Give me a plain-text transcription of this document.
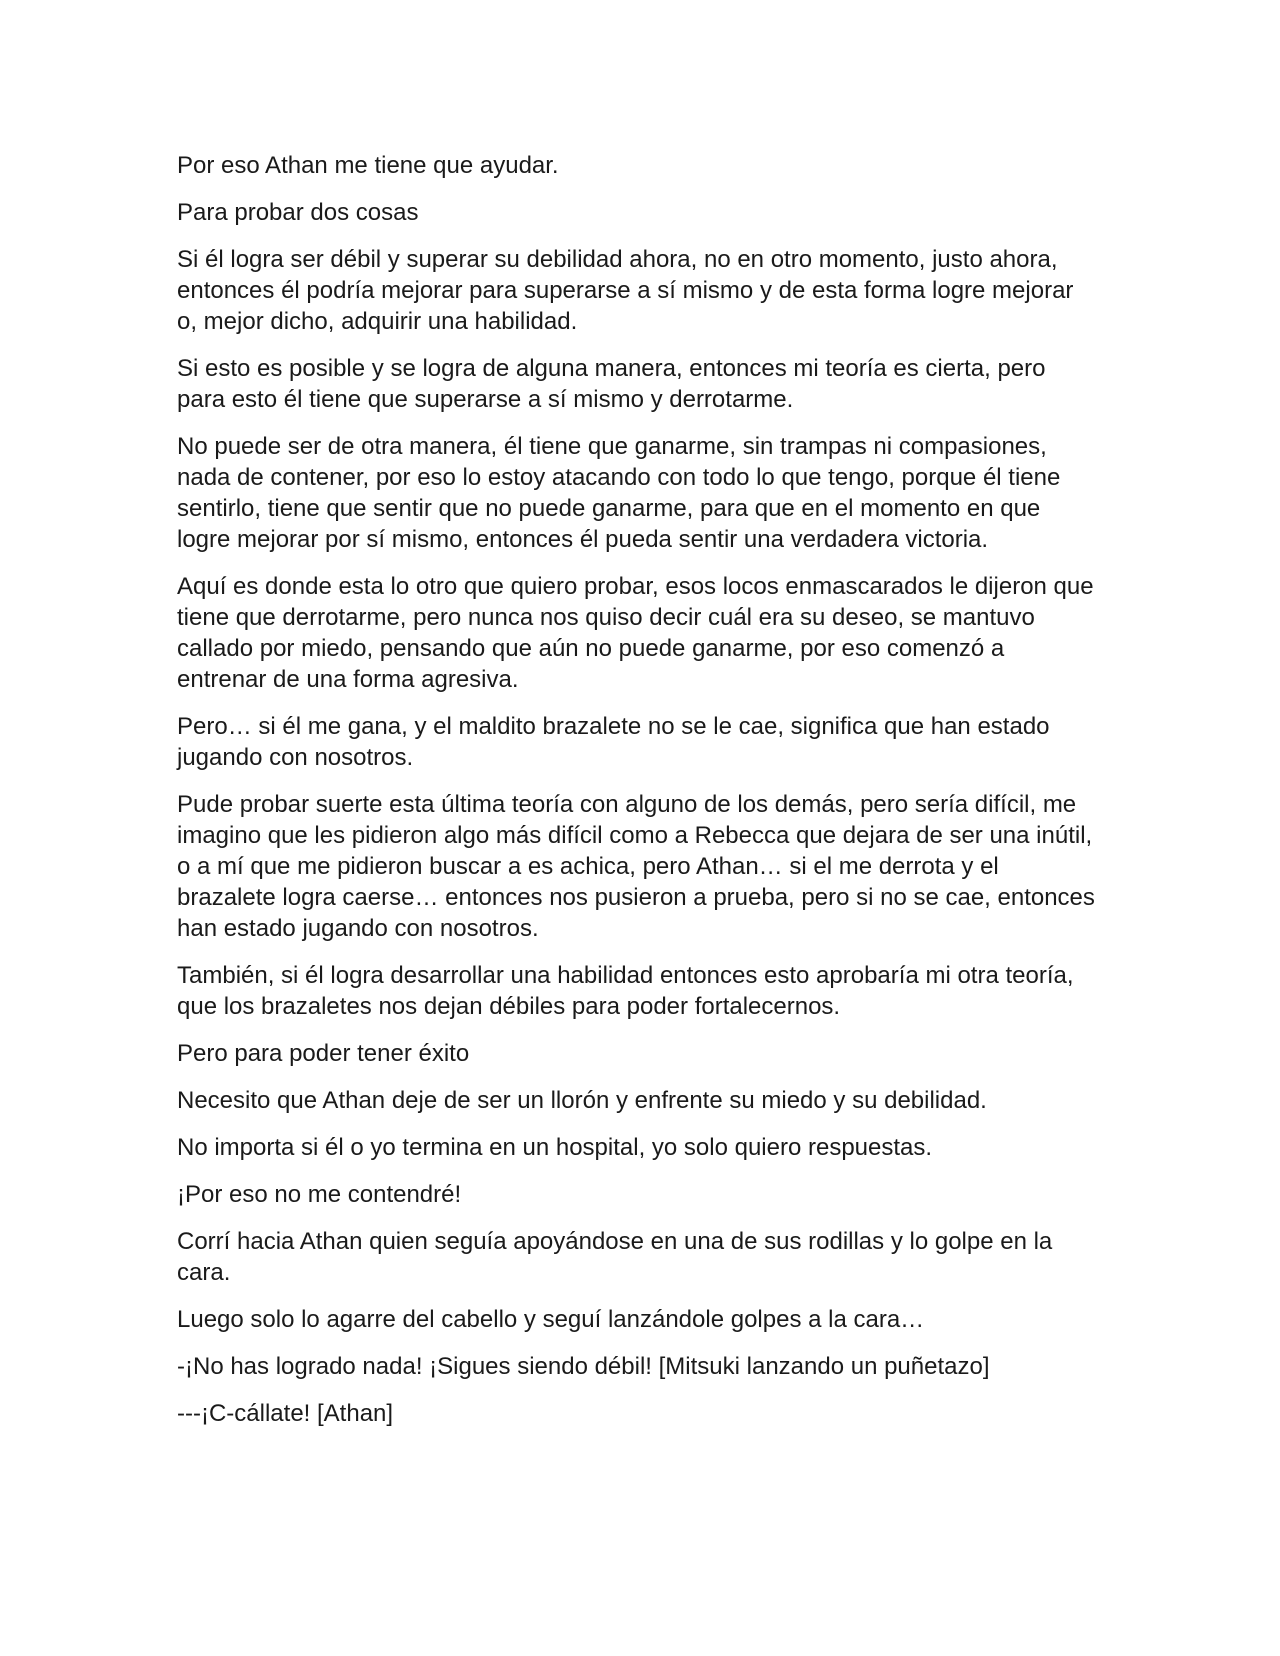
Por eso Athan me tiene que ayudar.

Para probar dos cosas

Si él logra ser débil y superar su debilidad ahora, no en otro momento, justo ahora, entonces él podría mejorar para superarse a sí mismo y de esta forma logre mejorar o, mejor dicho, adquirir una habilidad.

Si esto es posible y se logra de alguna manera, entonces mi teoría es cierta, pero para esto él tiene que superarse a sí mismo y derrotarme.

No puede ser de otra manera, él tiene que ganarme, sin trampas ni compasiones, nada de contener, por eso lo estoy atacando con todo lo que tengo, porque él tiene sentirlo, tiene que sentir que no puede ganarme, para que en el momento en que logre mejorar por sí mismo, entonces él pueda sentir una verdadera victoria.

Aquí es donde esta lo otro que quiero probar, esos locos enmascarados le dijeron que tiene que derrotarme, pero nunca nos quiso decir cuál era su deseo, se mantuvo callado por miedo, pensando que aún no puede ganarme, por eso comenzó a entrenar de una forma agresiva.

Pero… si él me gana, y el maldito brazalete no se le cae, significa que han estado jugando con nosotros.

Pude probar suerte esta última teoría con alguno de los demás, pero sería difícil, me imagino que les pidieron algo más difícil como a Rebecca que dejara de ser una inútil, o a mí que me pidieron buscar a es achica, pero Athan… si el me derrota y el brazalete logra caerse… entonces nos pusieron a prueba, pero si no se cae, entonces han estado jugando con nosotros.

También, si él logra desarrollar una habilidad entonces esto aprobaría mi otra teoría, que los brazaletes nos dejan débiles para poder fortalecernos.

Pero para poder tener éxito

Necesito que Athan deje de ser un llorón y enfrente su miedo y su debilidad.

No importa si él o yo termina en un hospital, yo solo quiero respuestas.

¡Por eso no me contendré!

Corrí hacia Athan quien seguía apoyándose en una de sus rodillas y lo golpe en la cara.

Luego solo lo agarre del cabello y seguí lanzándole golpes a la cara…

-¡No has logrado nada! ¡Sigues siendo débil! [Mitsuki lanzando un puñetazo]

---¡C-cállate! [Athan]
